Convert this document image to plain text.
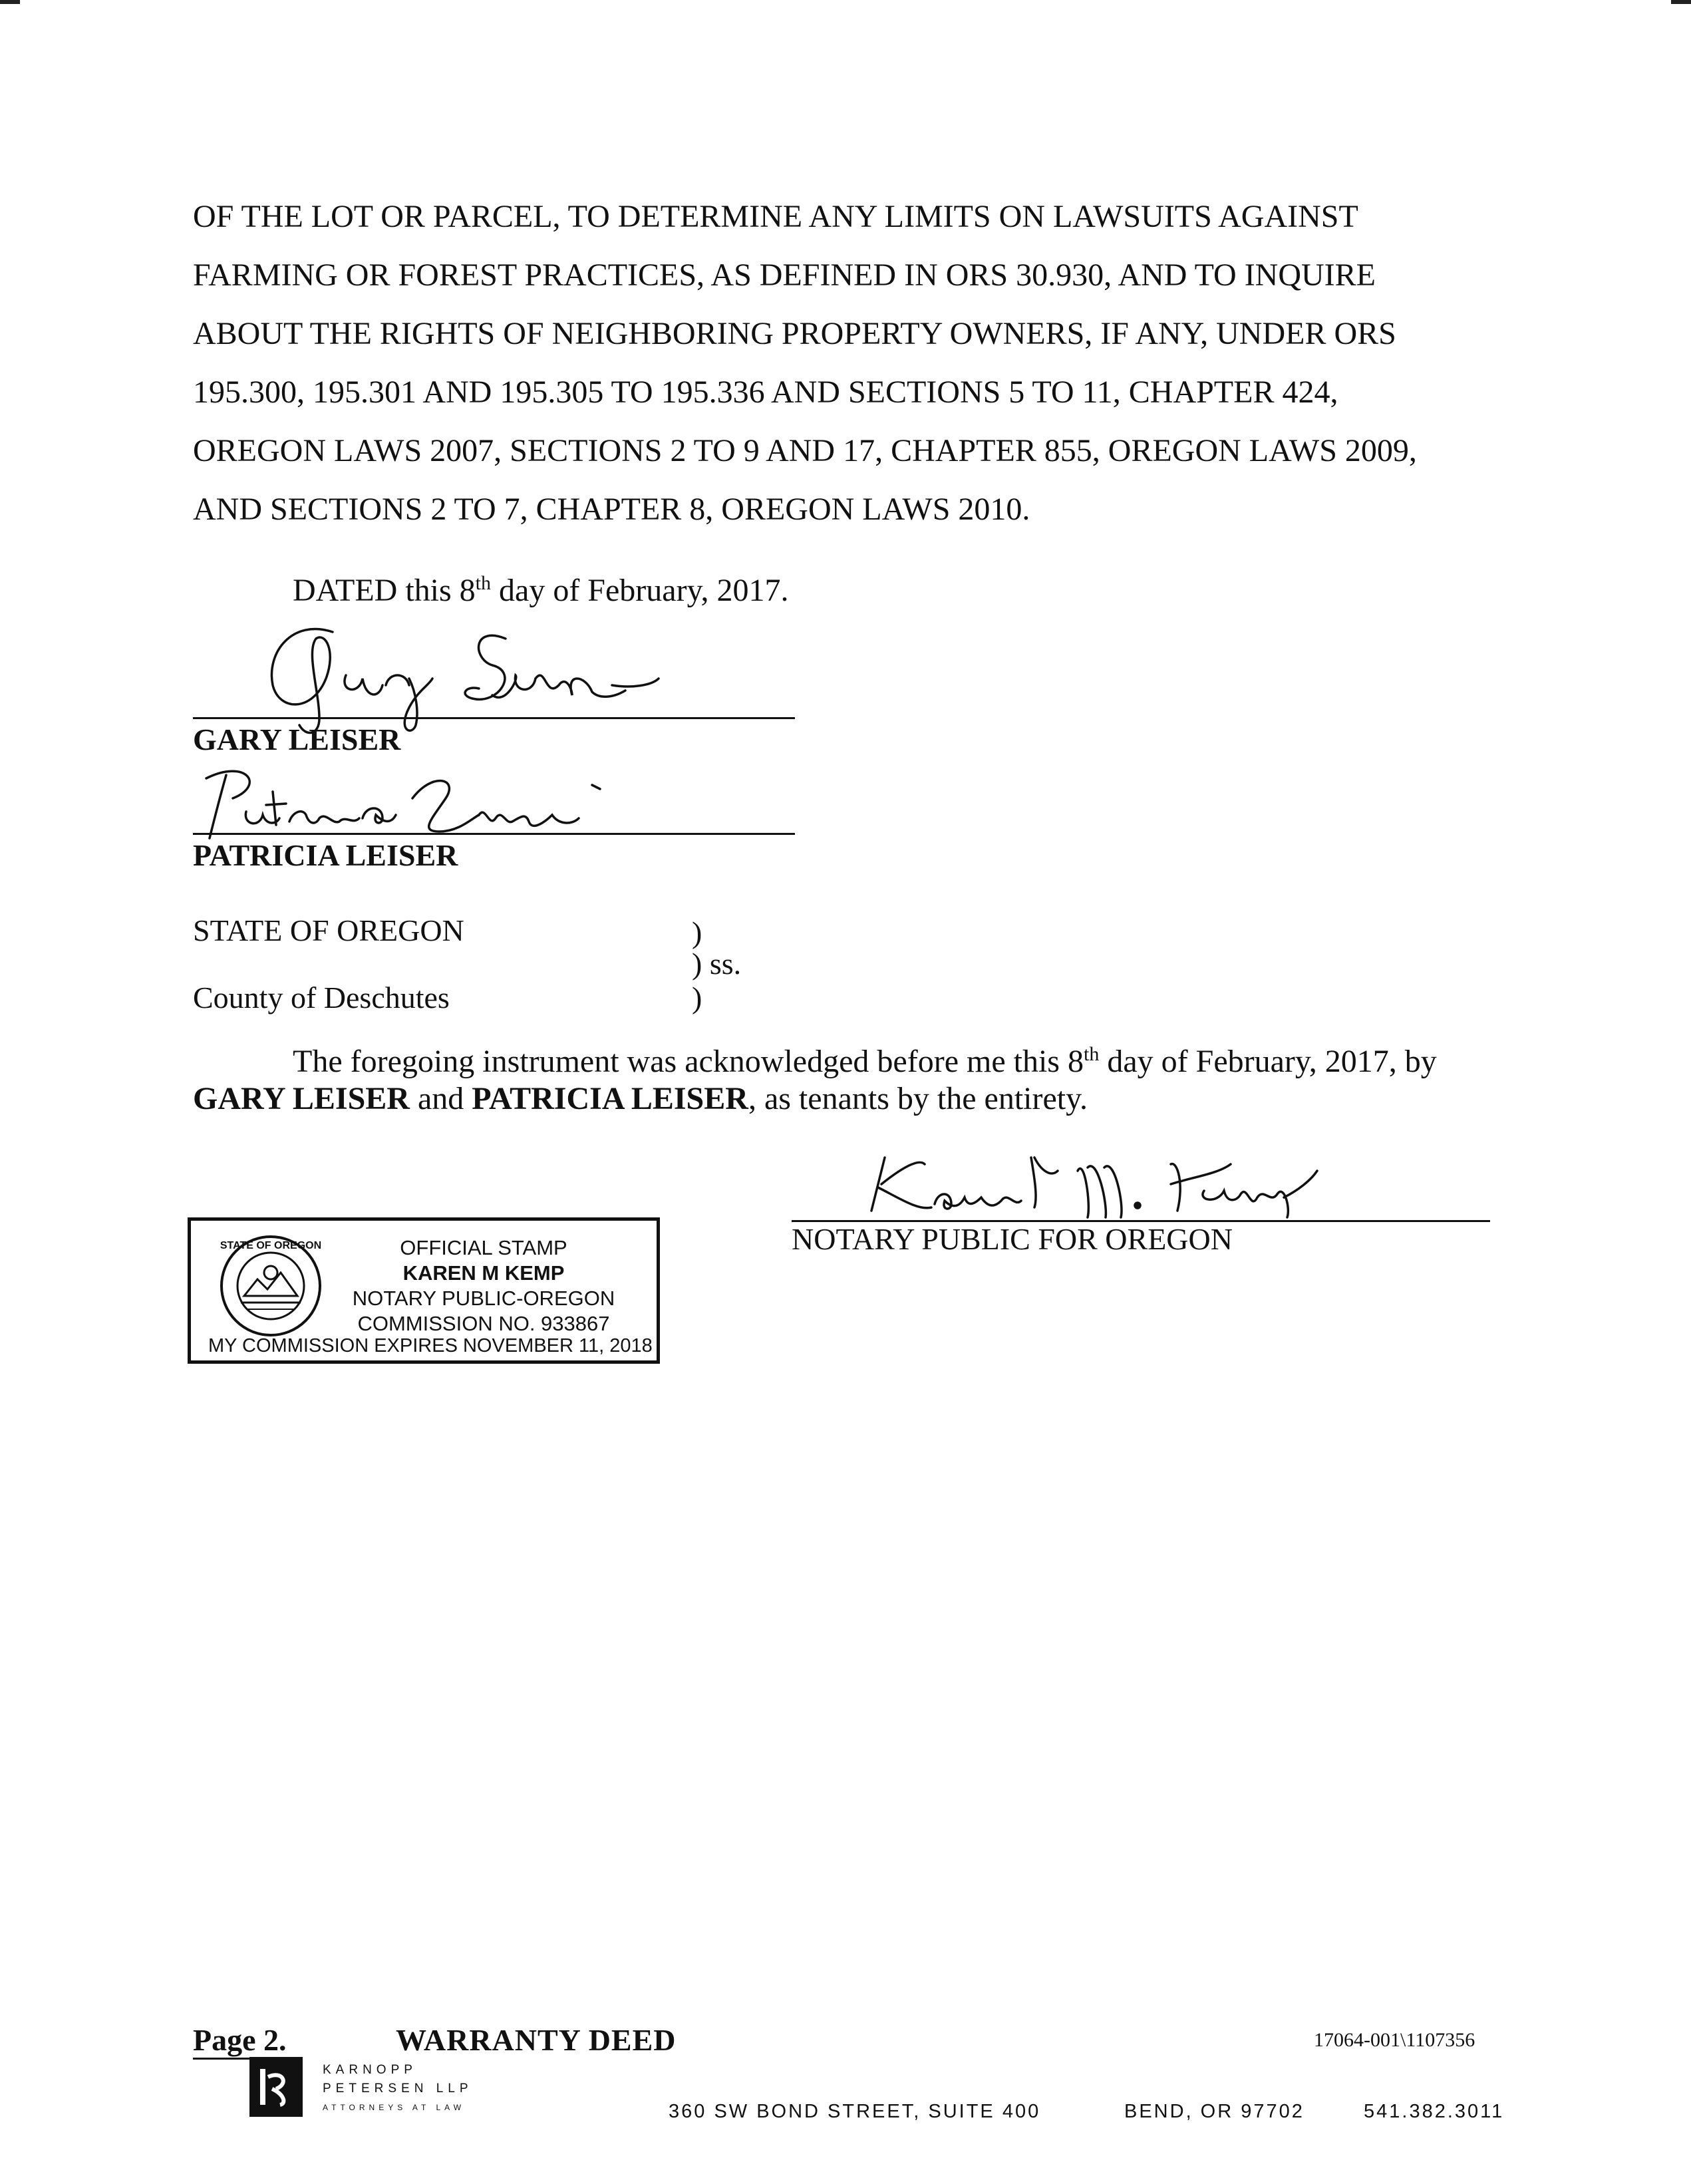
OF THE LOT OR PARCEL, TO DETERMINE ANY LIMITS ON LAWSUITS AGAINST
FARMING OR FOREST PRACTICES, AS DEFINED IN ORS 30.930, AND TO INQUIRE
ABOUT THE RIGHTS OF NEIGHBORING PROPERTY OWNERS, IF ANY, UNDER ORS
195.300, 195.301 AND 195.305 TO 195.336 AND SECTIONS 5 TO 11, CHAPTER 424,
OREGON LAWS 2007, SECTIONS 2 TO 9 AND 17, CHAPTER 855, OREGON LAWS 2009,
AND SECTIONS 2 TO 7, CHAPTER 8, OREGON LAWS 2010.
DATED this 8th day of February, 2017.
GARY LEISER
PATRICIA LEISER
STATE OF OREGON
County of Deschutes
)
) ss.
)
The foregoing instrument was acknowledged before me this 8th day of February, 2017, by
GARY LEISER and PATRICIA LEISER, as tenants by the entirety.
NOTARY PUBLIC FOR OREGON
STATE OF OREGON	OFFICIAL STAMP
KAREN M KEMP
NOTARY PUBLIC-OREGON
COMMISSION NO. 933867
MY COMMISSION EXPIRES NOVEMBER 11, 2018
Page 2.	WARRANTY DEED	17064-001\1107356
KARNOPP
PETERSEN LLP
ATTORNEYS AT LAW	360 SW BOND STREET, SUITE 400	BEND, OR 97702	541.382.3011
